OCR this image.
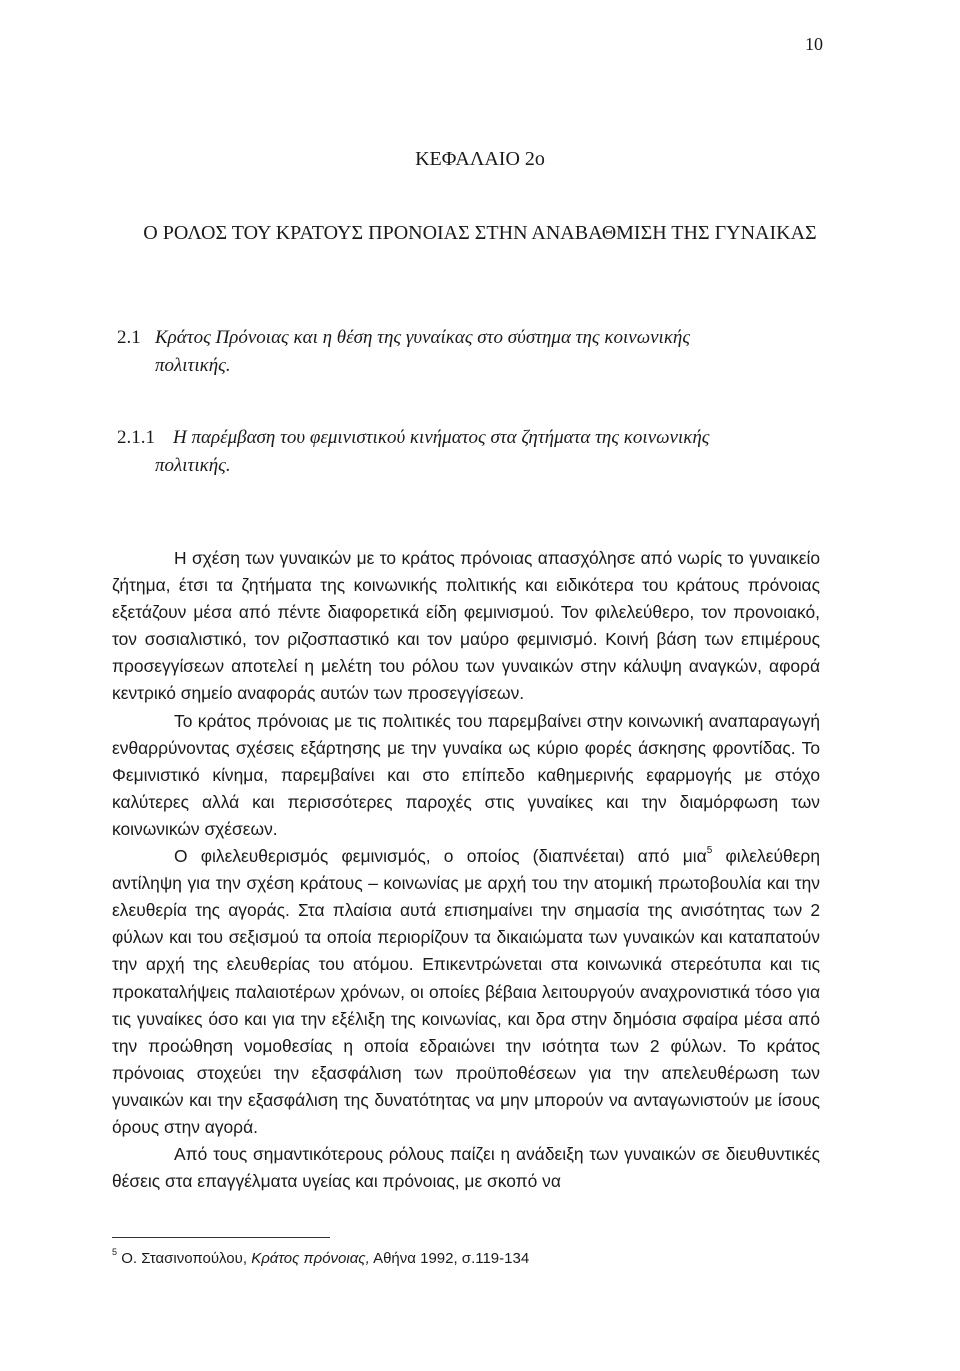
10
ΚΕΦΑΛΑΙΟ 2ο
Ο ΡΟΛΟΣ ΤΟΥ ΚΡΑΤΟΥΣ ΠΡΟΝΟΙΑΣ ΣΤΗΝ ΑΝΑΒΑΘΜΙΣΗ ΤΗΣ ΓΥΝΑΙΚΑΣ
2.1 Κράτος Πρόνοιας και η θέση της γυναίκας στο σύστημα της κοινωνικής
πολιτικής.
2.1.1 Η παρέμβαση του φεμινιστικού κινήματος στα ζητήματα της κοινωνικής
πολιτικής.

Η σχέση των γυναικών με το κράτος πρόνοιας απασχόλησε από νωρίς το γυναικείο ζήτημα, έτσι τα ζητήματα της κοινωνικής πολιτικής και ειδικότερα του κράτους πρόνοιας εξετάζουν μέσα από πέντε διαφορετικά είδη φεμινισμού. Τον φιλελεύθερο, τον προνοιακό, τον σοσιαλιστικό, τον ριζοσπαστικό και τον μαύρο φεμινισμό. Κοινή βάση των επιμέρους προσεγγίσεων αποτελεί η μελέτη του ρόλου των γυναικών στην κάλυψη αναγκών, αφορά κεντρικό σημείο αναφοράς αυτών των προσεγγίσεων.

Το κράτος πρόνοιας με τις πολιτικές του παρεμβαίνει στην κοινωνική αναπαραγωγή ενθαρρύνοντας σχέσεις εξάρτησης με την γυναίκα ως κύριο φορές άσκησης φροντίδας. Το Φεμινιστικό κίνημα, παρεμβαίνει και στο επίπεδο καθημερινής εφαρμογής με στόχο καλύτερες αλλά και περισσότερες παροχές στις γυναίκες και την διαμόρφωση των κοινωνικών σχέσεων.

Ο φιλελευθερισμός φεμινισμός, ο οποίος (διαπνέεται) από μια$^5$ φιλελεύθερη αντίληψη για την σχέση κράτους – κοινωνίας με αρχή του την ατομική πρωτοβουλία και την ελευθερία της αγοράς. Στα πλαίσια αυτά επισημαίνει την σημασία της ανισότητας των 2 φύλων και του σεξισμού τα οποία περιορίζουν τα δικαιώματα των γυναικών και καταπατούν την αρχή της ελευθερίας του ατόμου. Επικεντρώνεται στα κοινωνικά στερεότυπα και τις προκαταλήψεις παλαιοτέρων χρόνων, οι οποίες βέβαια λειτουργούν αναχρονιστικά τόσο για τις γυναίκες όσο και για την εξέλιξη της κοινωνίας, και δρα στην δημόσια σφαίρα μέσα από την προώθηση νομοθεσίας η οποία εδραιώνει την ισότητα των 2 φύλων. Το κράτος πρόνοιας στοχεύει την εξασφάλιση των προϋποθέσεων για την απελευθέρωση των γυναικών και την εξασφάλιση της δυνατότητας να μην μπορούν να ανταγωνιστούν με ίσους όρους στην αγορά.

Από τους σημαντικότερους ρόλους παίζει η ανάδειξη των γυναικών σε διευθυντικές θέσεις στα επαγγέλματα υγείας και πρόνοιας, με σκοπό να

$^5$ Ο. Στασινοπούλου, Κράτος πρόνοιας, Αθήνα 1992, σ.119-134
